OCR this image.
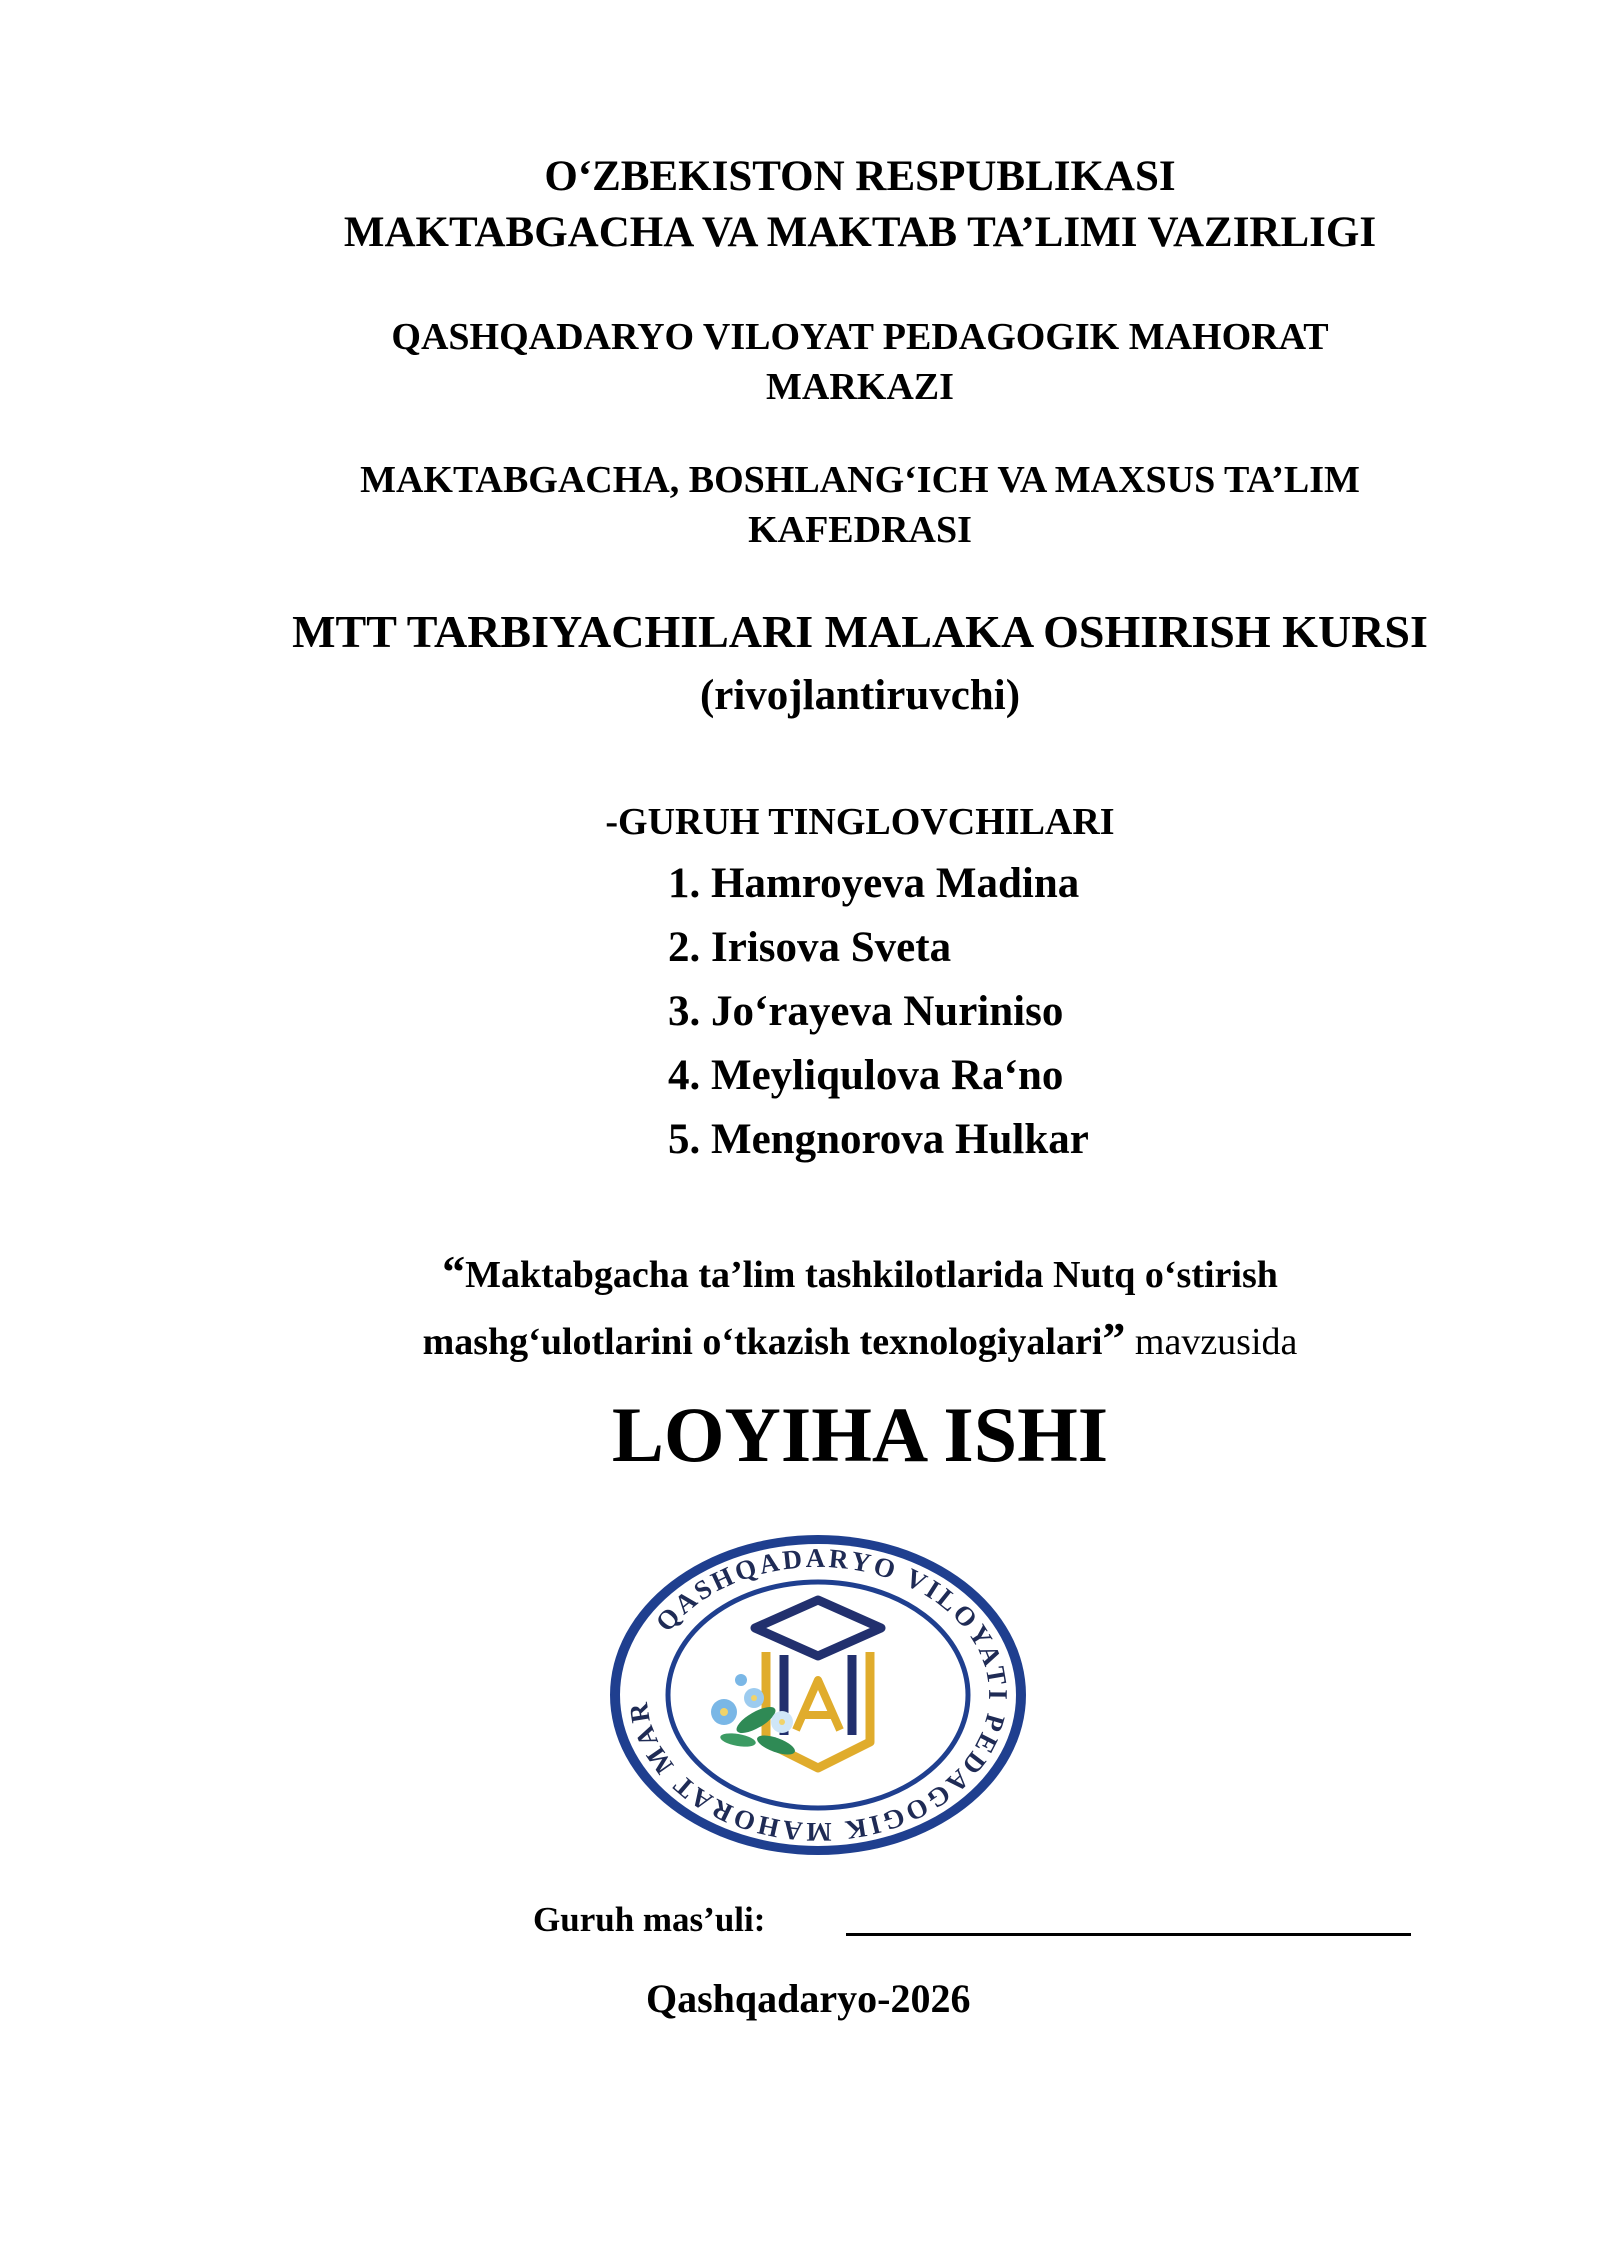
O‘ZBEKISTON RESPUBLIKASI
MAKTABGACHA VA MAKTAB TA’LIMI VAZIRLIGI
QASHQADARYO VILOYAT PEDAGOGIK MAHORAT
MARKAZI
MAKTABGACHA, BOSHLANG‘ICH VA MAXSUS TA’LIM
KAFEDRASI
MTT TARBIYACHILARI MALAKA OSHIRISH KURSI
(rivojlantiruvchi)
-GURUH TINGLOVCHILARI
1. Hamroyeva Madina
2. Irisova Sveta
3. Jo‘rayeva Nuriniso
4. Meyliqulova Ra‘no
5. Mengnorova Hulkar
“Maktabgacha ta’lim tashkilotlarida Nutq o‘stirish
mashg‘ulotlarini o‘tkazish texnologiyalari” mavzusida
LOYIHA ISHI
QASHQADARYO VILOYATI PEDAGOGIK MAHORAT MAR
Guruh mas’uli:
Qashqadaryo-2026
